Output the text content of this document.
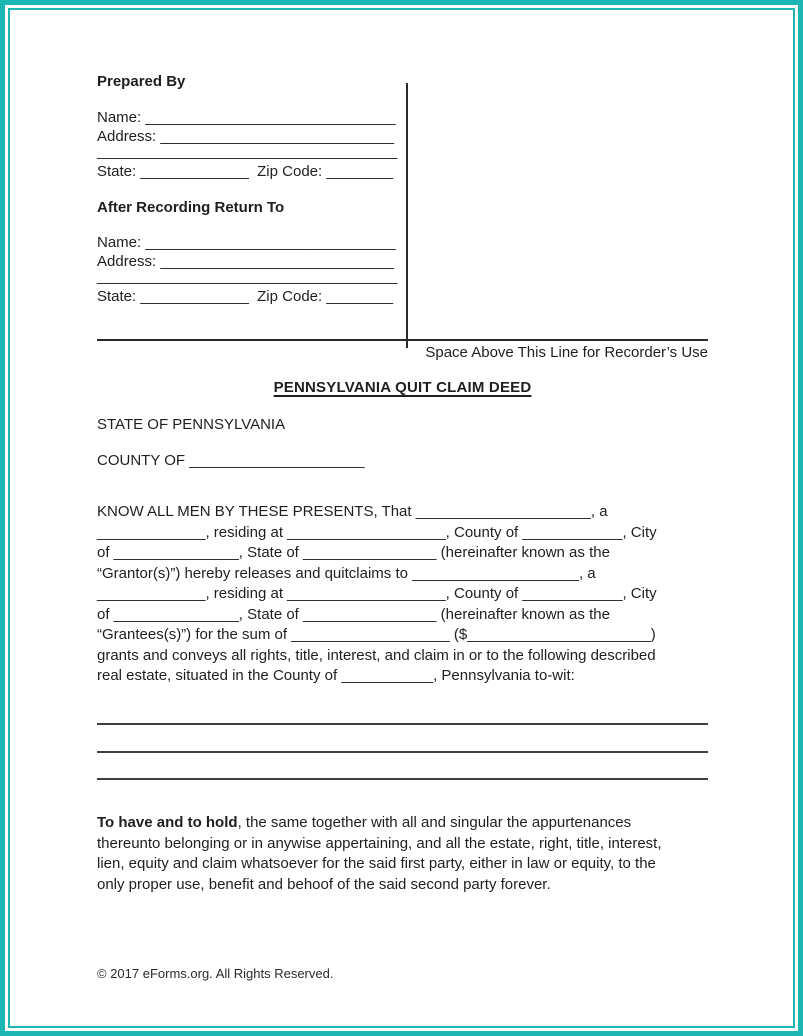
Prepared By
Name: ______________________________
Address: ____________________________
____________________________________
State: _____________  Zip Code: ________
After Recording Return To
Name: ______________________________
Address: ____________________________
____________________________________
State: _____________  Zip Code: ________
Space Above This Line for Recorder’s Use
PENNSYLVANIA QUIT CLAIM DEED
STATE OF PENNSYLVANIA
COUNTY OF _____________________
KNOW ALL MEN BY THESE PRESENTS, That _____________________, a
_____________, residing at ___________________, County of ____________, City
of _______________, State of ________________ (hereinafter known as the
“Grantor(s)”) hereby releases and quitclaims to ____________________, a
_____________, residing at ___________________, County of ____________, City
of _______________, State of ________________ (hereinafter known as the
“Grantees(s)”) for the sum of ___________________ ($______________________)
grants and conveys all rights, title, interest, and claim in or to the following described
real estate, situated in the County of ___________, Pennsylvania to-wit:
To have and to hold, the same together with all and singular the appurtenances
thereunto belonging or in anywise appertaining, and all the estate, right, title, interest,
lien, equity and claim whatsoever for the said first party, either in law or equity, to the
only proper use, benefit and behoof of the said second party forever.
© 2017 eForms.org. All Rights Reserved.
